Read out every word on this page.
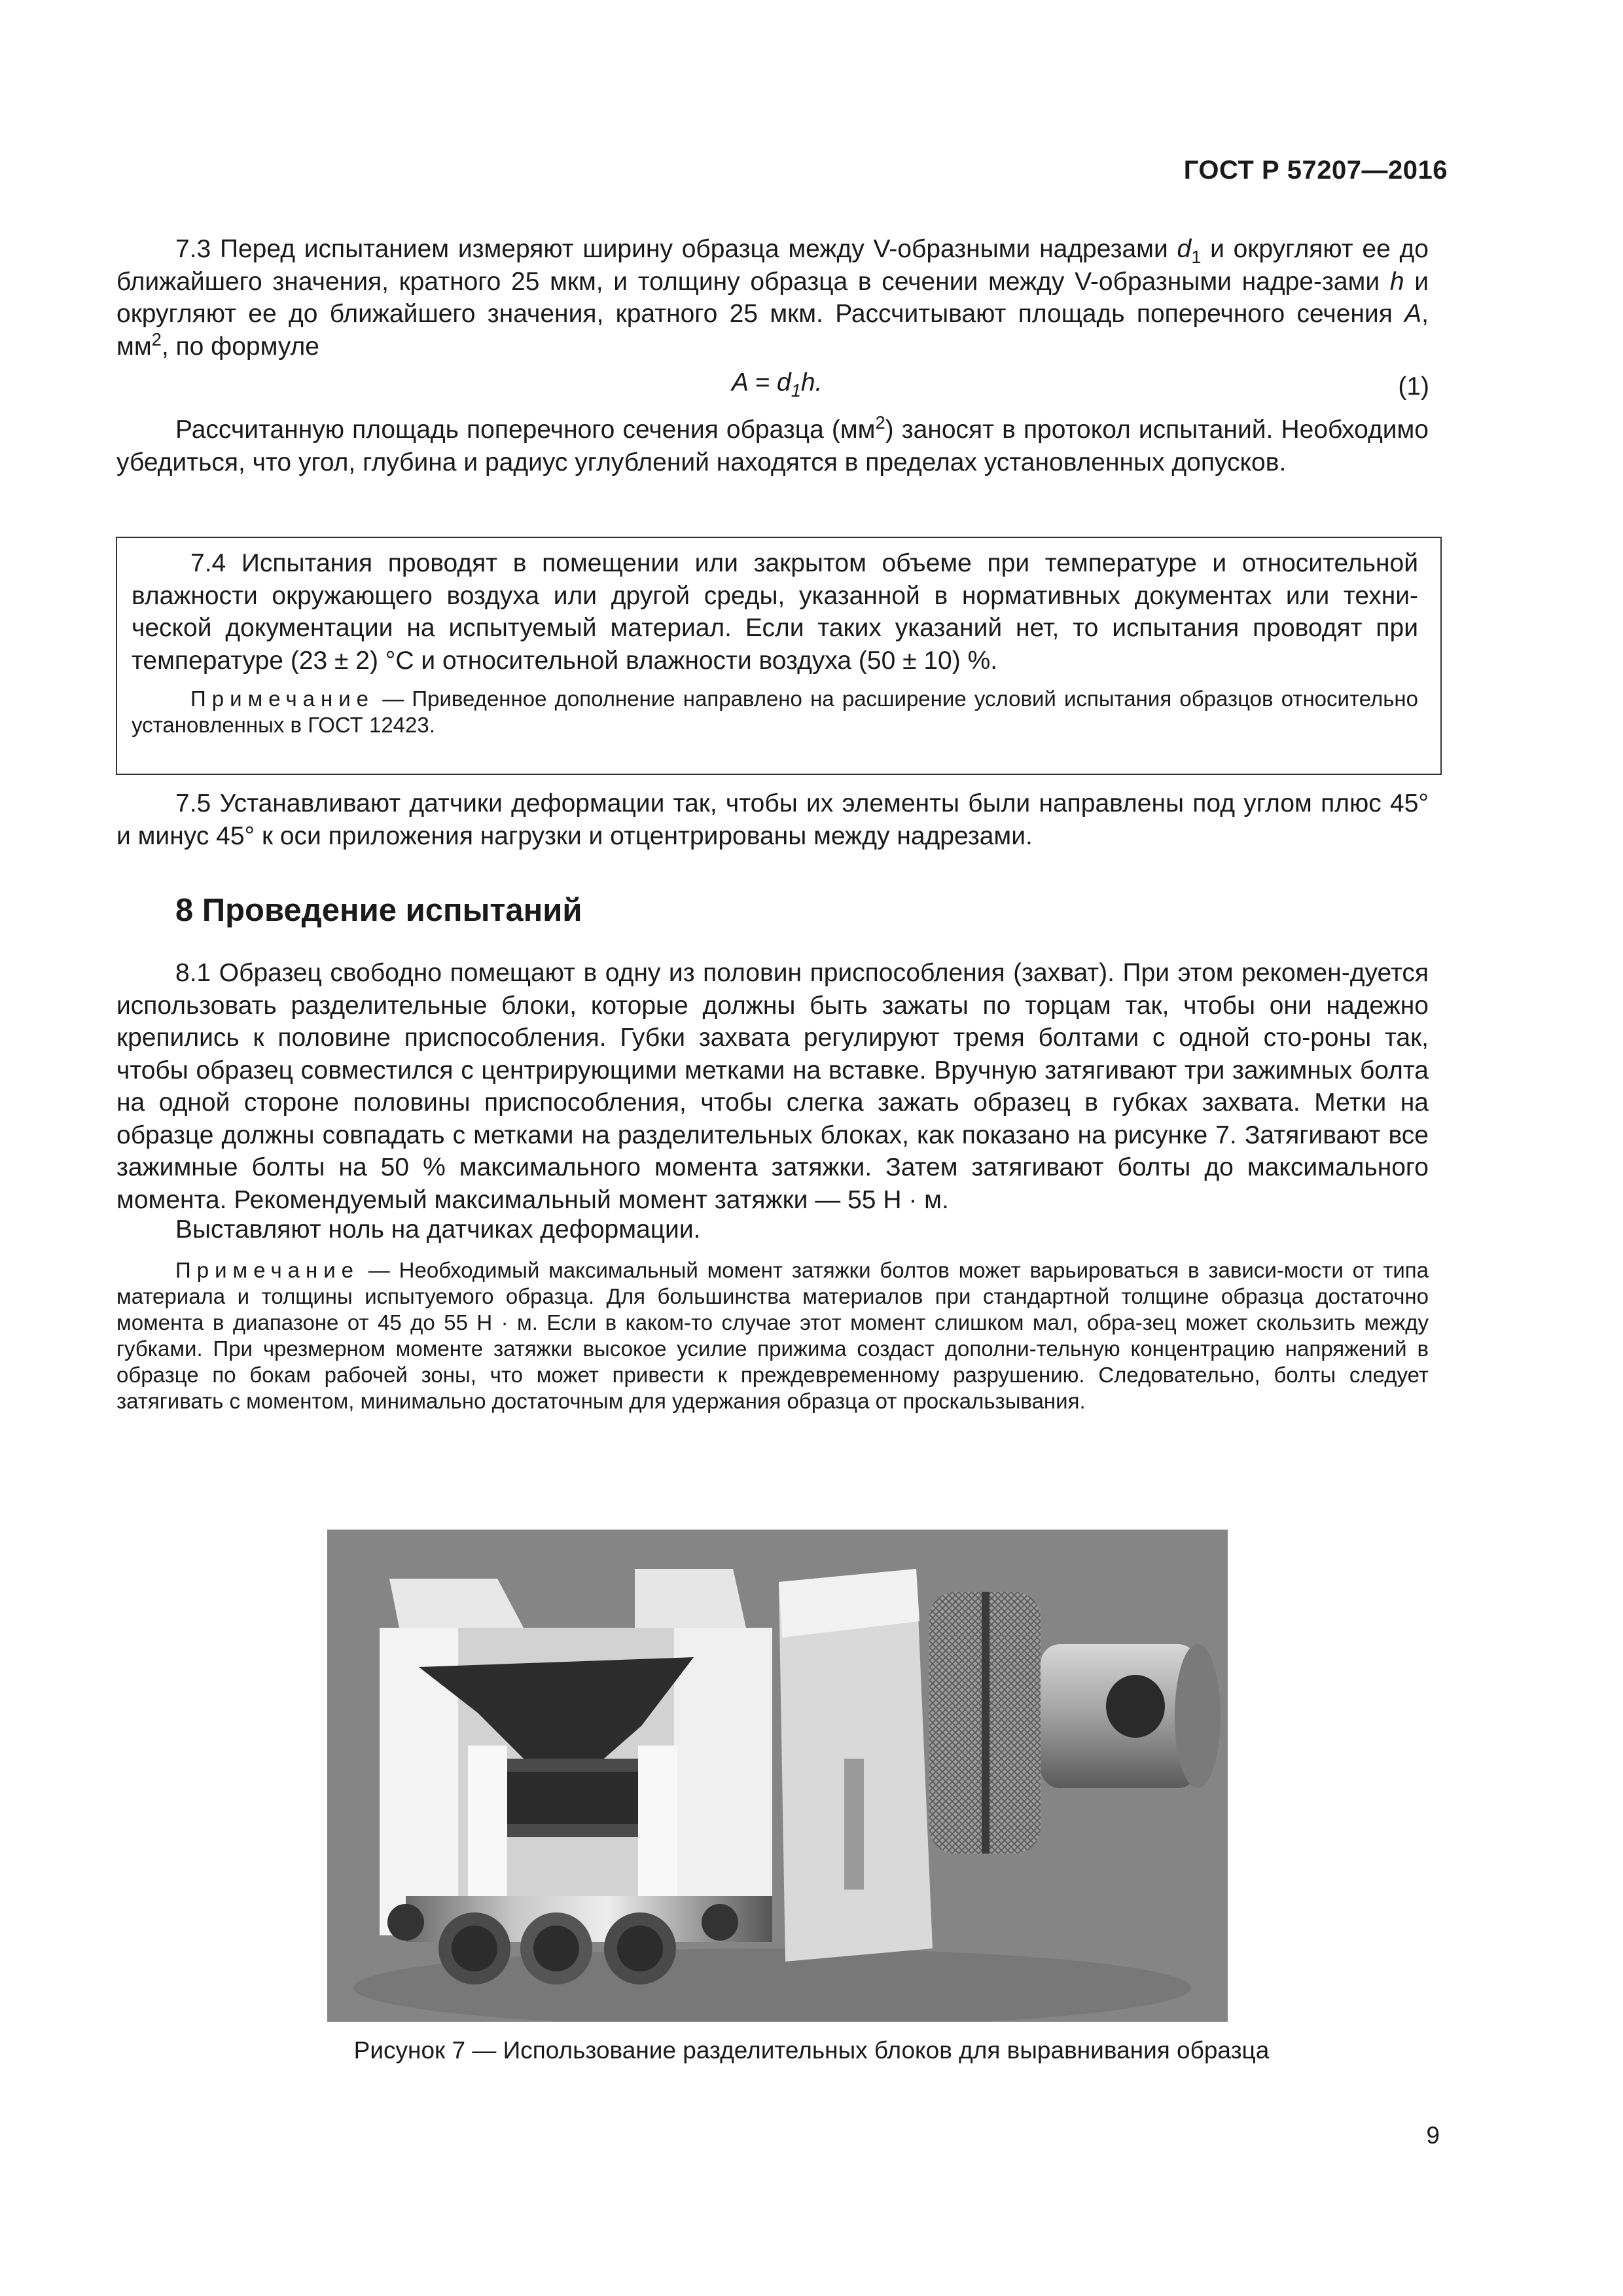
ГОСТ Р 57207—2016

7.3 Перед испытанием измеряют ширину образца между V-образными надрезами $d_1$ и округляют ее до ближайшего значения, кратного 25 мкм, и толщину образца в сечении между V-образными надре-зами h и округляют ее до ближайшего значения, кратного 25 мкм. Рассчитывают площадь поперечного сечения A, $мм^2$, по формуле

$A = d_1h$.	(1)

Рассчитанную площадь поперечного сечения образца $(мм^2)$ заносят в протокол испытаний. Необходимо убедиться, что угол, глубина и радиус углублений находятся в пределах установленных допусков.

7.4 Испытания проводят в помещении или закрытом объеме при температуре и относительной влажности окружающего воздуха или другой среды, указанной в нормативных документах или техни-ческой документации на испытуемый материал. Если таких указаний нет, то испытания проводят при температуре (23 ± 2) °С и относительной влажности воздуха (50 ± 10) %.

Примечание — Приведенное дополнение направлено на расширение условий испытания образцов относительно установленных в ГОСТ 12423.

7.5 Устанавливают датчики деформации так, чтобы их элементы были направлены под углом плюс 45° и минус 45° к оси приложения нагрузки и отцентрированы между надрезами.

8 Проведение испытаний

8.1 Образец свободно помещают в одну из половин приспособления (захват). При этом рекомен-дуется использовать разделительные блоки, которые должны быть зажаты по торцам так, чтобы они надежно крепились к половине приспособления. Губки захвата регулируют тремя болтами с одной сто-роны так, чтобы образец совместился с центрирующими метками на вставке. Вручную затягивают три зажимных болта на одной стороне половины приспособления, чтобы слегка зажать образец в губках захвата. Метки на образце должны совпадать с метками на разделительных блоках, как показано на рисунке 7. Затягивают все зажимные болты на 50 % максимального момента затяжки. Затем затягивают болты до максимального момента. Рекомендуемый максимальный момент затяжки — 55 Н · м.

Выставляют ноль на датчиках деформации.

Примечание — Необходимый максимальный момент затяжки болтов может варьироваться в зависи-мости от типа материала и толщины испытуемого образца. Для большинства материалов при стандартной толщине образца достаточно момента в диапазоне от 45 до 55 Н · м. Если в каком-то случае этот момент слишком мал, обра-зец может скользить между губками. При чрезмерном моменте затяжки высокое усилие прижима создаст дополни-тельную концентрацию напряжений в образце по бокам рабочей зоны, что может привести к преждевременному разрушению. Следовательно, болты следует затягивать с моментом, минимально достаточным для удержания образца от проскальзывания.

Рисунок 7 — Использование разделительных блоков для выравнивания образца
9
